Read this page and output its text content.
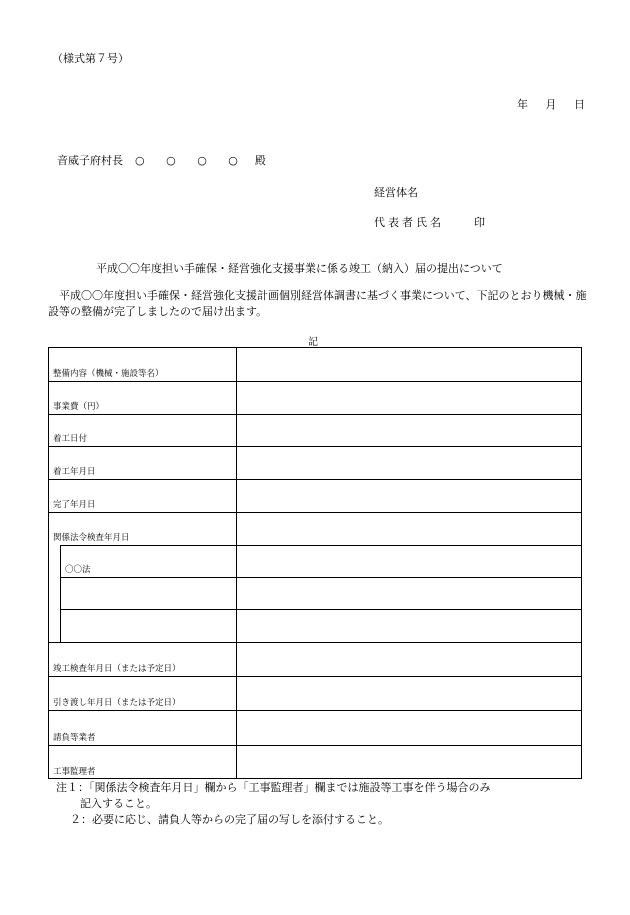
（様式第７号）
年 月 日
音威子府村長 ○ ○ ○ ○ 殿
経営体名
代表者氏名	印
平成〇〇年度担い手確保・経営強化支援事業に係る竣工（納入）届の提出について
平成〇〇年度担い手確保・経営強化支援計画個別経営体調書に基づく事業について、下記のとおり機械・施設等の整備が完了しましたので届け出ます。
記
整備内容（機械・施設等名）
事業費（円）
着工日付
着工年月日
完了年月日
関係法令検査年月日
〇〇法
竣工検査年月日（または予定日）
引き渡し年月日（または予定日）
請負等業者
工事監理者
注１：「関係法令検査年月日」欄から「工事監理者」欄までは施設等工事を伴う場合のみ
記入すること。
２：必要に応じ、請負人等からの完了届の写しを添付すること。
